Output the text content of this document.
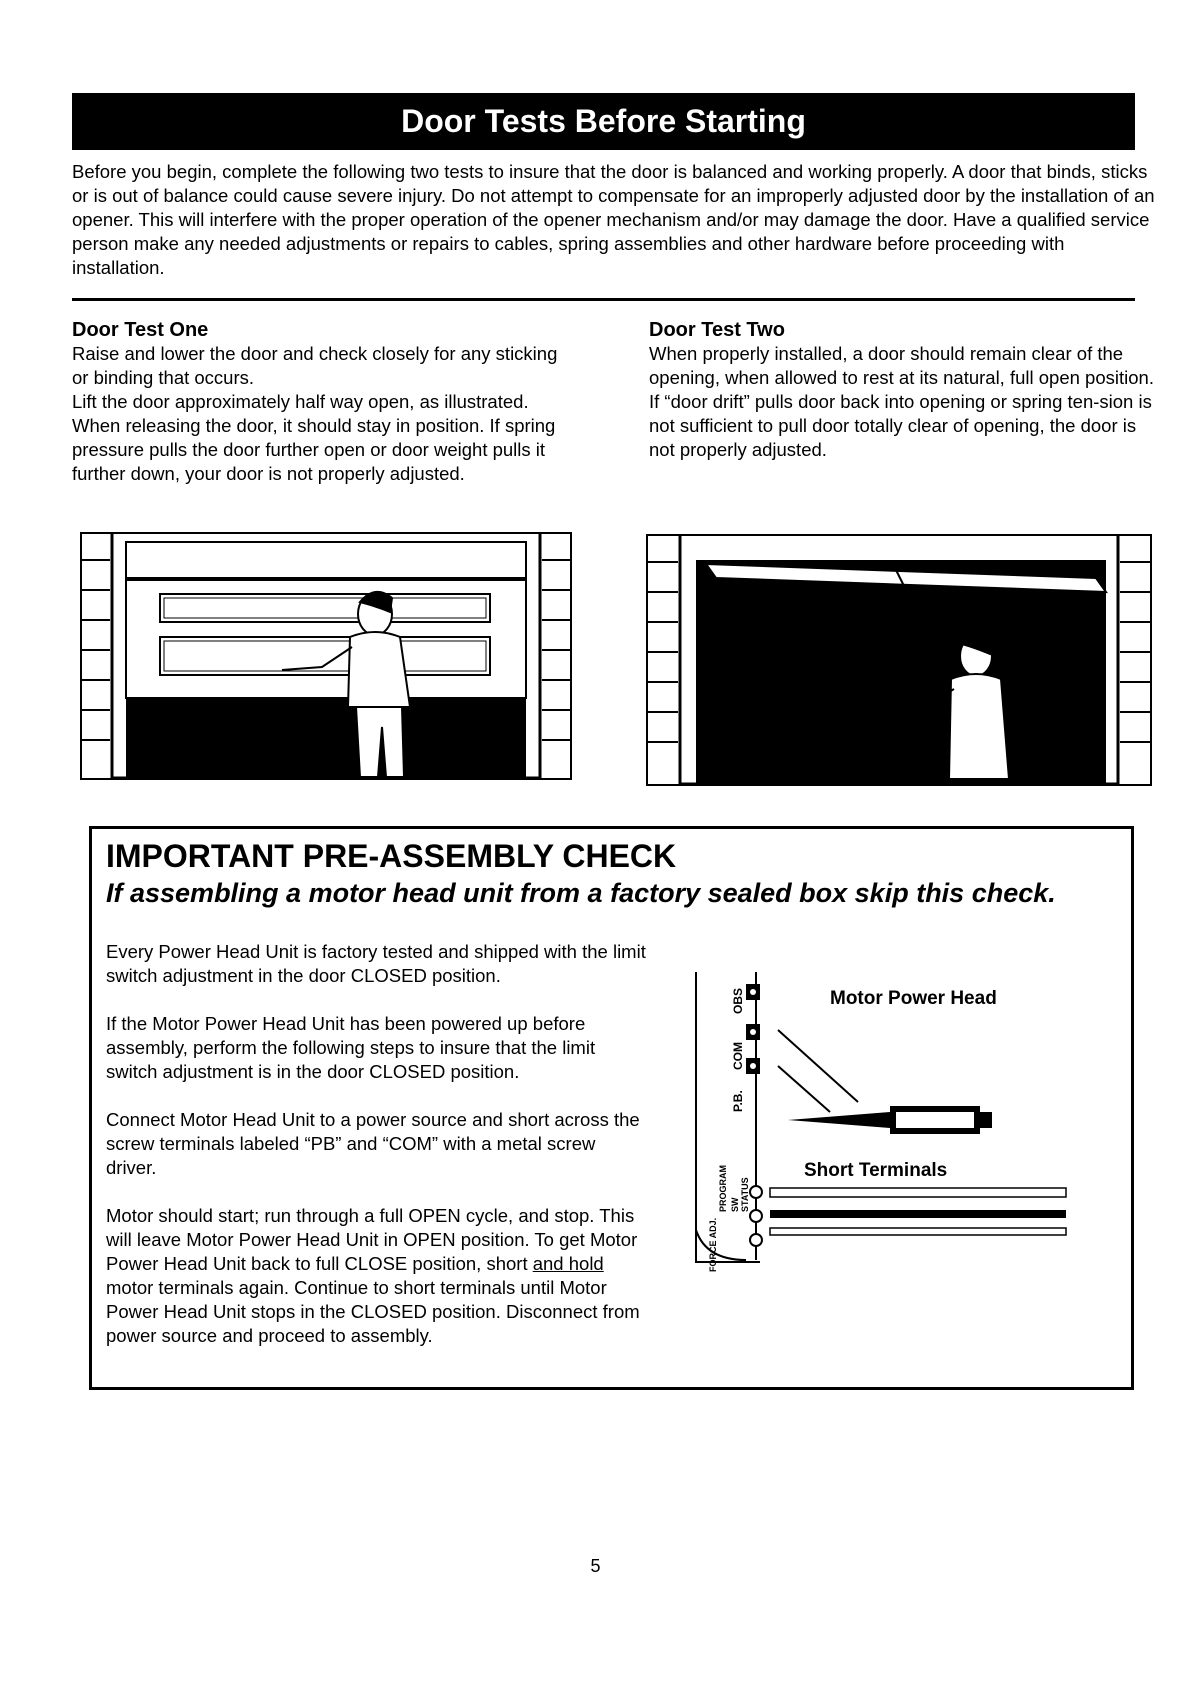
Door Tests Before Starting

Before you begin, complete the following two tests to insure that the door is balanced and working properly. A door that binds, sticks or is out of balance could cause severe injury. Do not attempt to compensate for an improperly adjusted door by the installation of an opener. This will interfere with the proper operation of the opener mechanism and/or may damage the door. Have a qualified service person make any needed adjustments or repairs to cables, spring assemblies and other hardware before proceeding with installation.

Door Test One

Raise and lower the door and check closely for any sticking or binding that occurs.

Lift the door approximately half way open, as illustrated. When releasing the door, it should stay in position. If spring pressure pulls the door further open or door weight pulls it further down, your door is not properly adjusted.

Door Test Two

When properly installed, a door should remain clear of the opening, when allowed to rest at its natural, full open position.

If “door drift” pulls door back into opening or spring ten-sion is not sufficient to pull door totally clear of opening, the door is not properly adjusted.

IMPORTANT PRE-ASSEMBLY CHECK

If assembling a motor head unit from a factory sealed box skip this check.

Every Power Head Unit is factory tested and shipped with the limit switch adjustment in the door CLOSED position.

If the Motor Power Head Unit has been powered up before assembly, perform the following steps to insure that the limit switch adjustment is in the door CLOSED position.

Connect Motor Head Unit to a power source and short across the screw terminals labeled “PB” and “COM” with a metal screw driver.

Motor should start; run through a full OPEN cycle, and stop. This will leave Motor Power Head Unit in OPEN position. To get Motor Power Head Unit back to full CLOSE position, short and hold motor terminals again. Continue to short terminals until Motor Power Head Unit stops in the CLOSED position. Disconnect from power source and proceed to assembly.

Motor Power Head
OBS
COM
P.B.
Short Terminals
PROGRAM SW STATUS
FORCE ADJ.
5
